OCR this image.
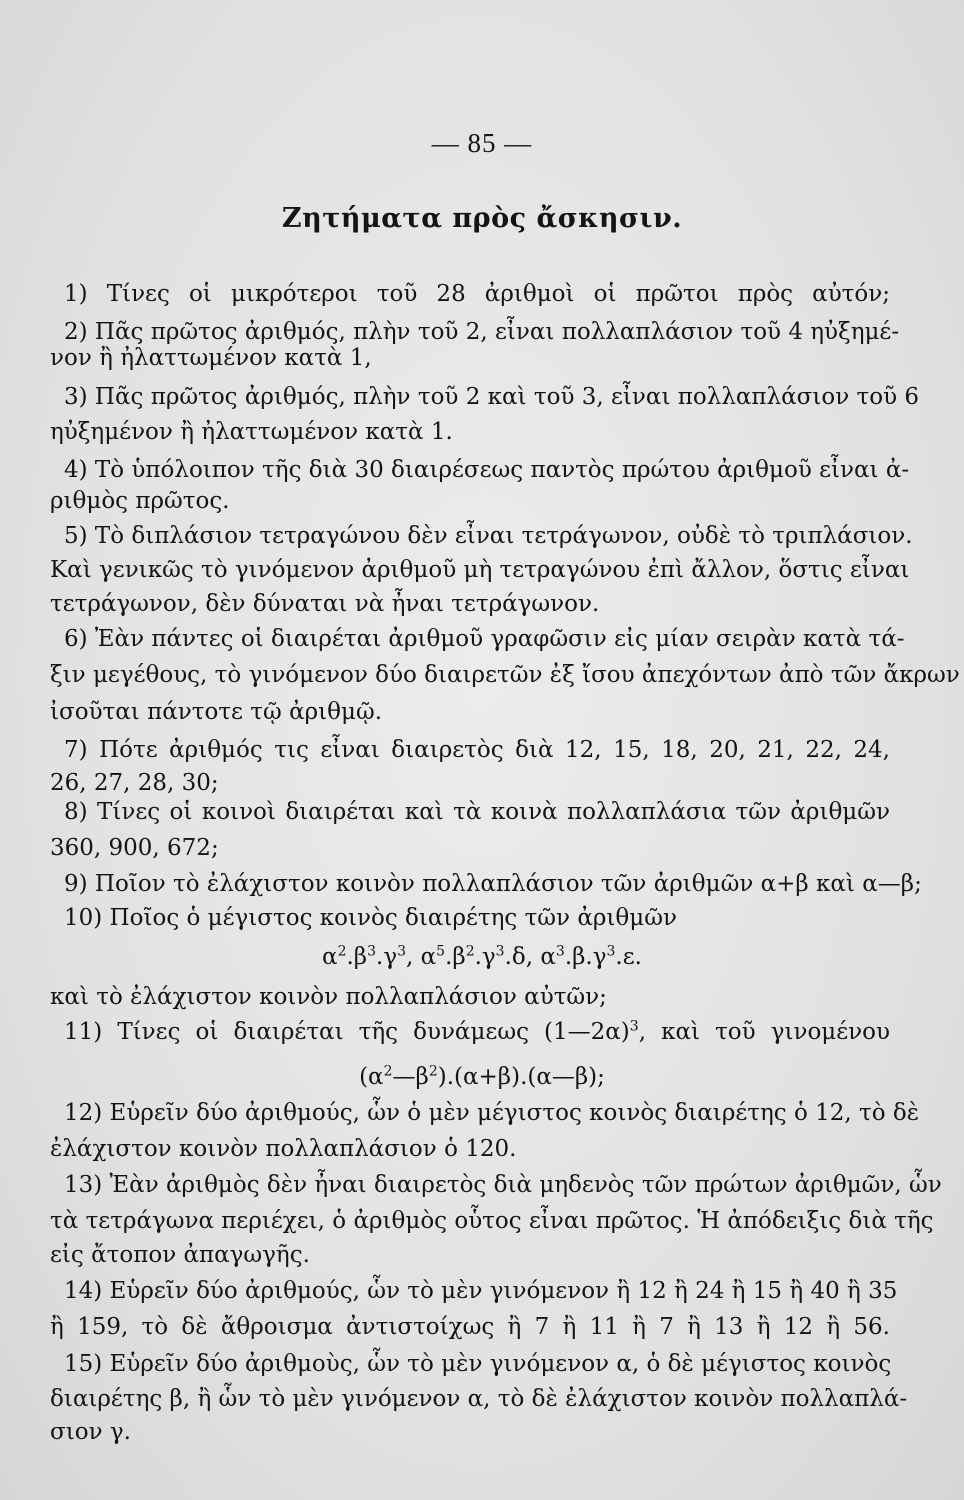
— 85 —
Ζητήματα πρὸς ἄσκησιν.
1) Τίνες οἱ μικρότεροι τοῦ 28 ἀριθμοὶ οἱ πρῶτοι πρὸς αὐτόν;
2) Πᾶς πρῶτος ἀριθμός, πλὴν τοῦ 2, εἶναι πολλαπλάσιον τοῦ 4 ηὐξημέ-
νον ἢ ἠλαττωμένον κατὰ 1,
3) Πᾶς πρῶτος ἀριθμός, πλὴν τοῦ 2 καὶ τοῦ 3, εἶναι πολλαπλάσιον τοῦ 6
ηὐξημένον ἢ ἠλαττωμένον κατὰ 1.
4) Τὸ ὑπόλοιπον τῆς διὰ 30 διαιρέσεως παντὸς πρώτου ἀριθμοῦ εἶναι ἀ-
ριθμὸς πρῶτος.
5) Τὸ διπλάσιον τετραγώνου δὲν εἶναι τετράγωνον, οὐδὲ τὸ τριπλάσιον.
Καὶ γενικῶς τὸ γινόμενον ἀριθμοῦ μὴ τετραγώνου ἐπὶ ἄλλον, ὅστις εἶναι
τετράγωνον, δὲν δύναται νὰ ἦναι τετράγωνον.
6) Ἐὰν πάντες οἱ διαιρέται ἀριθμοῦ γραφῶσιν εἰς μίαν σειρὰν κατὰ τά-
ξιν μεγέθους, τὸ γινόμενον δύο διαιρετῶν ἐξ ἴσου ἀπεχόντων ἀπὸ τῶν ἄκρων
ἰσοῦται πάντοτε τῷ ἀριθμῷ.
7) Πότε ἀριθμός τις εἶναι διαιρετὸς διὰ 12, 15, 18, 20, 21, 22, 24,
26, 27, 28, 30;
8) Τίνες οἱ κοινοὶ διαιρέται καὶ τὰ κοινὰ πολλαπλάσια τῶν ἀριθμῶν
360, 900, 672;
9) Ποῖον τὸ ἐλάχιστον κοινὸν πολλαπλάσιον τῶν ἀριθμῶν α+β καὶ α—β;
10) Ποῖος ὁ μέγιστος κοινὸς διαιρέτης τῶν ἀριθμῶν
$\alpha^2.\beta^3.\gamma^3$, $\alpha^5.\beta^2.\gamma^3.\delta$, $\alpha^3.\beta.\gamma^3.\varepsilon$.
καὶ τὸ ἐλάχιστον κοινὸν πολλαπλάσιον αὐτῶν;
11) Τίνες οἱ διαιρέται τῆς δυνάμεως (1—2α)$^3$, καὶ τοῦ γινομένου
$(\alpha^2—\beta^2).(\alpha+\beta).(\alpha—\beta)$;
12) Εὑρεῖν δύο ἀριθμούς, ὧν ὁ μὲν μέγιστος κοινὸς διαιρέτης ὁ 12, τὸ δὲ
ἐλάχιστον κοινὸν πολλαπλάσιον ὁ 120.
13) Ἐὰν ἀριθμὸς δὲν ἦναι διαιρετὸς διὰ μηδενὸς τῶν πρώτων ἀριθμῶν, ὧν
τὰ τετράγωνα περιέχει, ὁ ἀριθμὸς οὗτος εἶναι πρῶτος. Ἡ ἀπόδειξις διὰ τῆς
εἰς ἄτοπον ἀπαγωγῆς.
14) Εὑρεῖν δύο ἀριθμούς, ὧν τὸ μὲν γινόμενον ἢ 12 ἢ 24 ἢ 15 ἢ 40 ἢ 35
ἢ 159, τὸ δὲ ἄθροισμα ἀντιστοίχως ἢ 7 ἢ 11 ἢ 7 ἢ 13 ἢ 12 ἢ 56.
15) Εὑρεῖν δύο ἀριθμοὺς, ὧν τὸ μὲν γινόμενον α, ὁ δὲ μέγιστος κοινὸς
διαιρέτης β, ἢ ὧν τὸ μὲν γινόμενον α, τὸ δὲ ἐλάχιστον κοινὸν πολλαπλά-
σιον γ.
